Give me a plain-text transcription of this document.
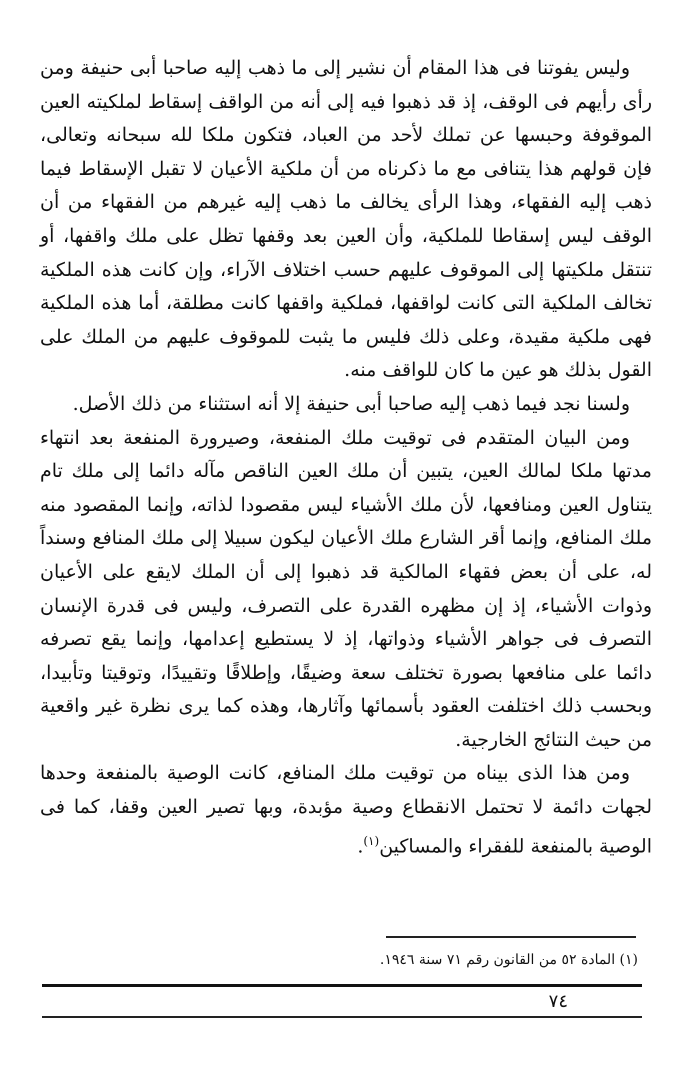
وليس يفوتنا فى هذا المقام أن نشير إلى ما ذهب إليه صاحبا أبى حنيفة ومن رأى رأيهم فى الوقف، إذ قد ذهبوا فيه إلى أنه من الواقف إسقاط لملكيته العين الموقوفة وحبسها عن تملك لأحد من العباد، فتكون ملكا لله سبحانه وتعالى، فإن قولهم هذا يتنافى مع ما ذكرناه من أن ملكية الأعيان لا تقبل الإسقاط فيما ذهب إليه الفقهاء، وهذا الرأى يخالف ما ذهب إليه غيرهم من الفقهاء من أن الوقف ليس إسقاطا للملكية، وأن العين بعد وقفها تظل على ملك واقفها، أو تنتقل ملكيتها إلى الموقوف عليهم حسب اختلاف الآراء، وإن كانت هذه الملكية تخالف الملكية التى كانت لواقفها، فملكية واقفها كانت مطلقة، أما هذه الملكية فهى ملكية مقيدة، وعلى ذلك فليس ما يثبت للموقوف عليهم من الملك على القول بذلك هو عين ما كان للواقف منه.

ولسنا نجد فيما ذهب إليه صاحبا أبى حنيفة إلا أنه استثناء من ذلك الأصل.

ومن البيان المتقدم فى توقيت ملك المنفعة، وصيرورة المنفعة بعد انتهاء مدتها ملكا لمالك العين، يتبين أن ملك العين الناقص مآله دائما إلى ملك تام يتناول العين ومنافعها، لأن ملك الأشياء ليس مقصودا لذاته، وإنما المقصود منه ملك المنافع، وإنما أقر الشارع ملك الأعيان ليكون سبيلا إلى ملك المنافع وسنداً له، على أن بعض فقهاء المالكية قد ذهبوا إلى أن الملك لايقع على الأعيان وذوات الأشياء، إذ إن مظهره القدرة على التصرف، وليس فى قدرة الإنسان التصرف فى جواهر الأشياء وذواتها، إذ لا يستطيع إعدامها، وإنما يقع تصرفه دائما على منافعها بصورة تختلف سعة وضيقًا، وإطلاقًا وتقييدًا، وتوقيتا وتأبيدا، وبحسب ذلك اختلفت العقود بأسمائها وآثارها، وهذه كما يرى نظرة غير واقعية من حيث النتائج الخارجية.

ومن هذا الذى بيناه من توقيت ملك المنافع، كانت الوصية بالمنفعة وحدها لجهات دائمة لا تحتمل الانقطاع وصية مؤبدة، وبها تصير العين وقفا، كما فى الوصية بالمنفعة للفقراء والمساكين$^{(١)}$.

(١) المادة ٥٢ من القانون رقم ٧١ سنة ١٩٤٦.
٧٤
